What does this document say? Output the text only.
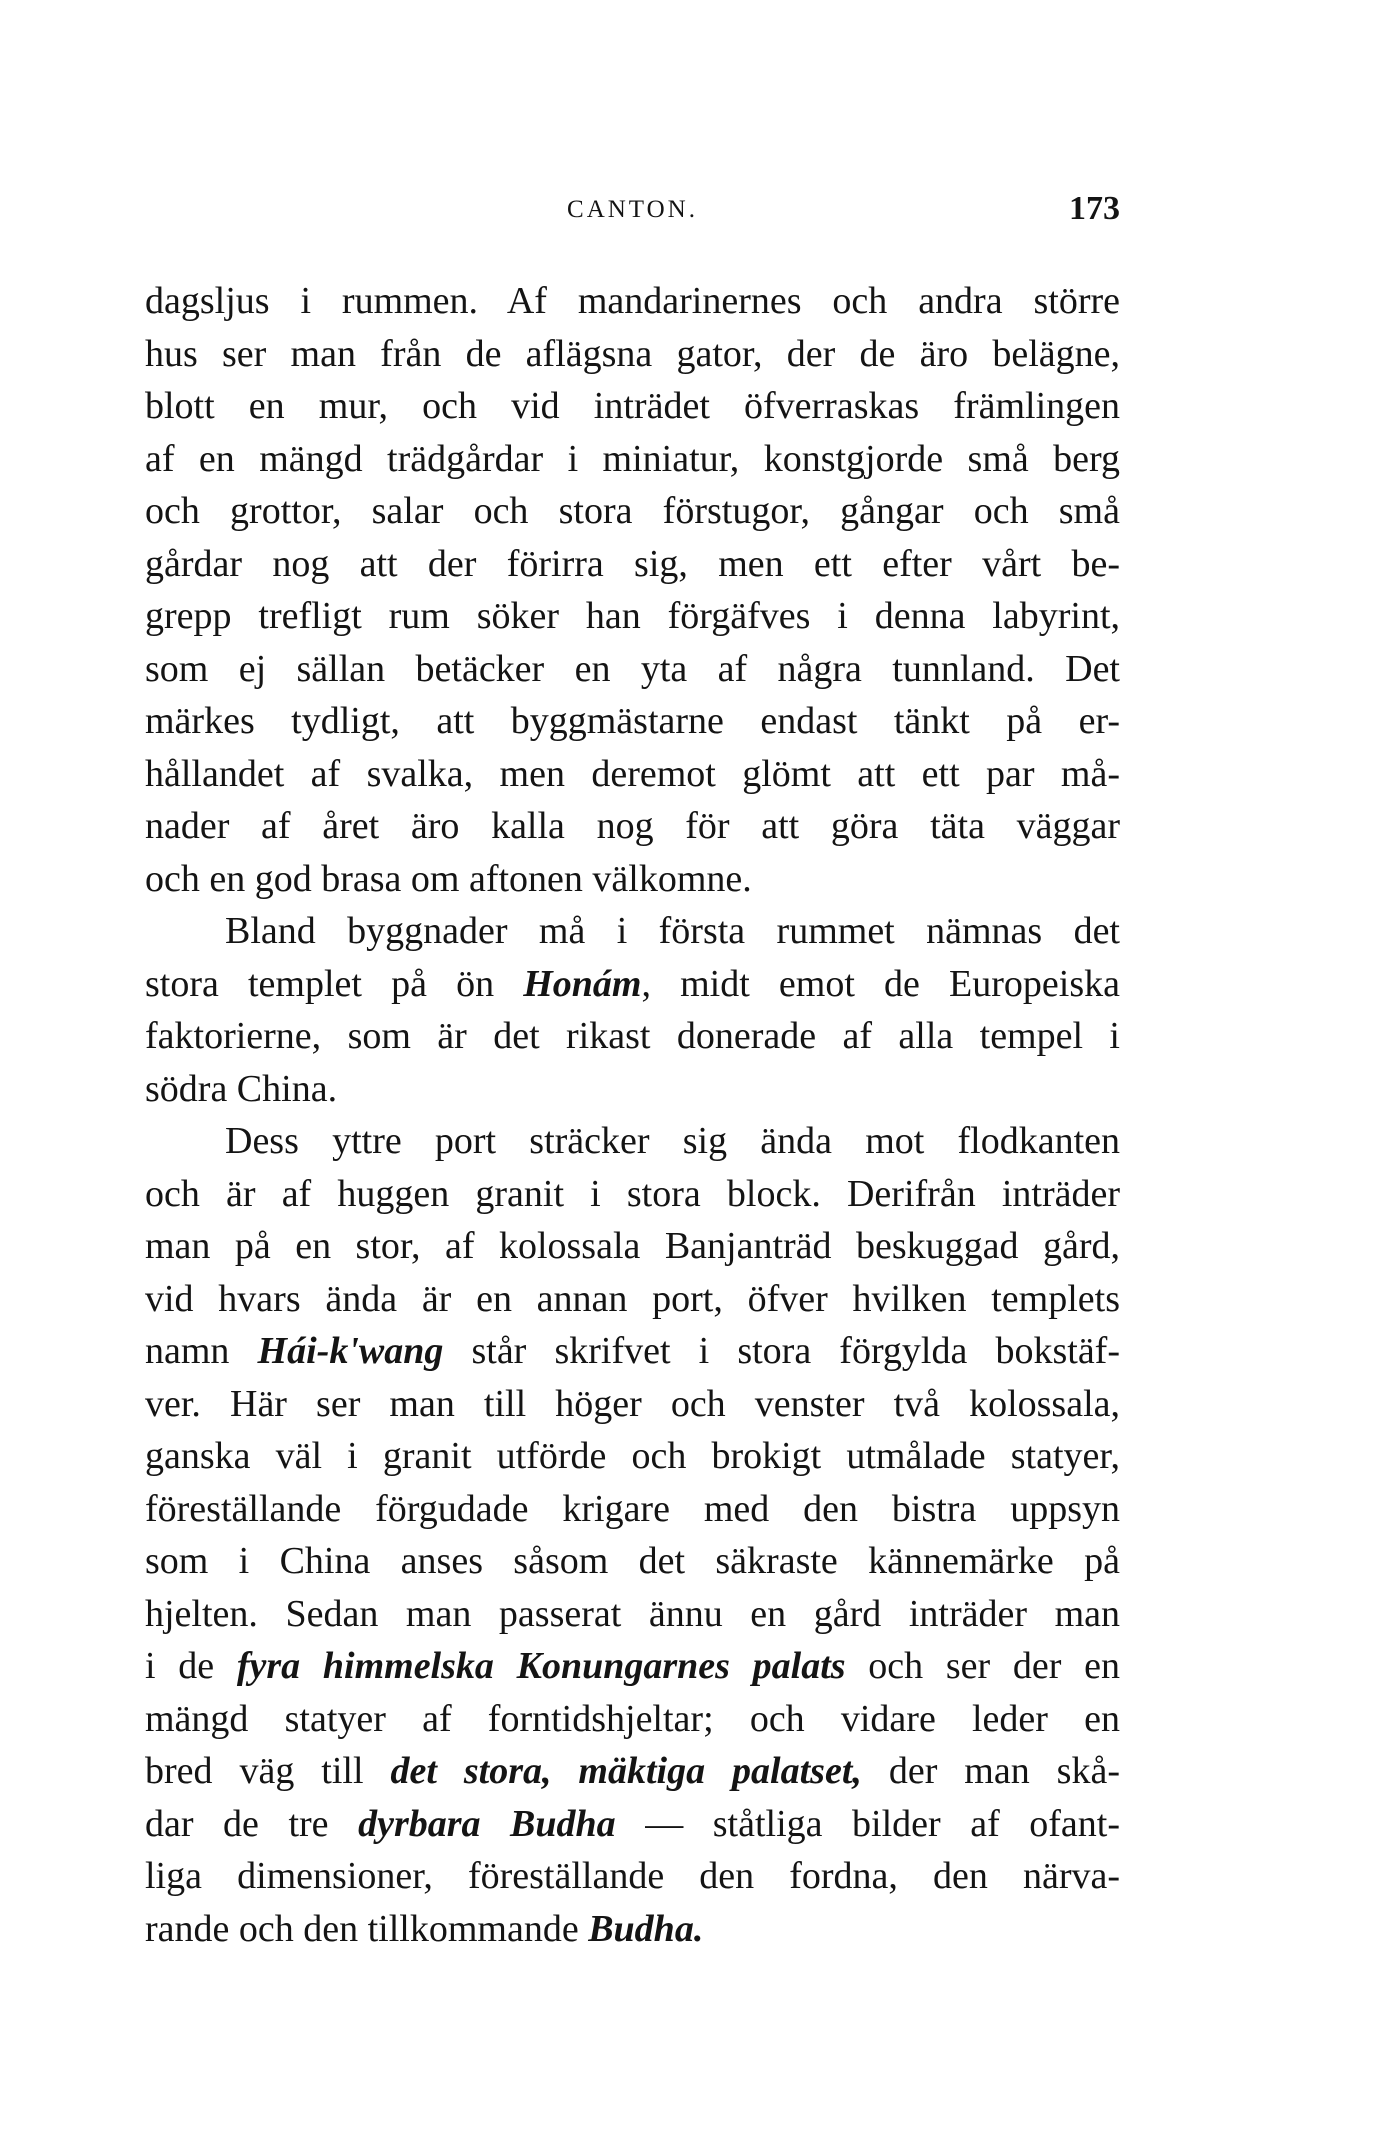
CANTON.	173
dagsljus i rummen. Af mandarinernes och andra större
hus ser man från de aflägsna gator, der de äro belägne,
blott en mur, och vid inträdet öfverraskas främlingen
af en mängd trädgårdar i miniatur, konstgjorde små berg
och grottor, salar och stora förstugor, gångar och små
gårdar nog att der förirra sig, men ett efter vårt be-
grepp trefligt rum söker han förgäfves i denna labyrint,
som ej sällan betäcker en yta af några tunnland. Det
märkes tydligt, att byggmästarne endast tänkt på er-
hållandet af svalka, men deremot glömt att ett par må-
nader af året äro kalla nog för att göra täta väggar
och en god brasa om aftonen välkomne.
Bland byggnader må i första rummet nämnas det
stora templet på ön Honám, midt emot de Europeiska
faktorierne, som är det rikast donerade af alla tempel i
södra China.
Dess yttre port sträcker sig ända mot flodkanten
och är af huggen granit i stora block. Derifrån inträder
man på en stor, af kolossala Banjanträd beskuggad gård,
vid hvars ända är en annan port, öfver hvilken templets
namn Hái-k'wang står skrifvet i stora förgylda bokstäf-
ver. Här ser man till höger och venster två kolossala,
ganska väl i granit utförde och brokigt utmålade statyer,
föreställande förgudade krigare med den bistra uppsyn
som i China anses såsom det säkraste kännemärke på
hjelten. Sedan man passerat ännu en gård inträder man
i de fyra himmelska Konungarnes palats och ser der en
mängd statyer af forntidshjeltar; och vidare leder en
bred väg till det stora, mäktiga palatset, der man skå-
dar de tre dyrbara Budha — ståtliga bilder af ofant-
liga dimensioner, föreställande den fordna, den närva-
rande och den tillkommande Budha.
